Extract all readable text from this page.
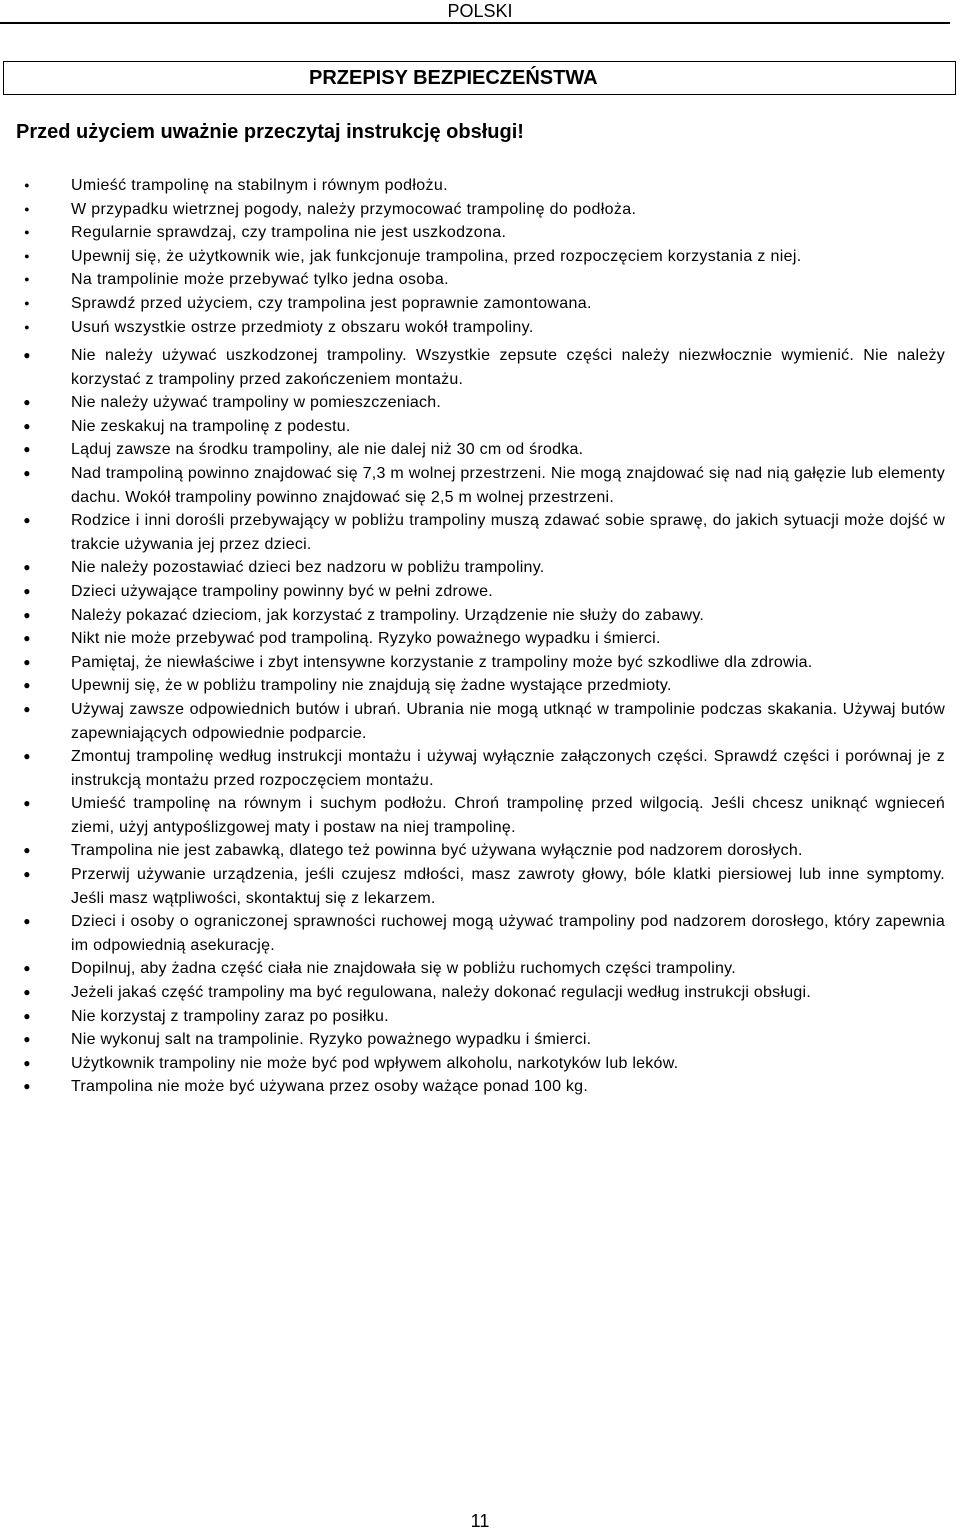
POLSKI
PRZEPISY BEZPIECZEŃSTWA
Przed użyciem uważnie przeczytaj instrukcję obsługi!
●	Umieść trampolinę na stabilnym i równym podłożu.
●	W przypadku wietrznej pogody, należy przymocować trampolinę do podłoża.
●	Regularnie sprawdzaj, czy trampolina nie jest uszkodzona.
●	Upewnij się, że użytkownik wie, jak funkcjonuje trampolina, przed rozpoczęciem korzystania z niej.
●	Na trampolinie może przebywać tylko jedna osoba.
●	Sprawdź przed użyciem, czy trampolina jest poprawnie zamontowana.
●	Usuń wszystkie ostrze przedmioty z obszaru wokół trampoliny.
●	Nie należy używać uszkodzonej trampoliny. Wszystkie zepsute części należy niezwłocznie wymienić. Nie należy korzystać z trampoliny przed zakończeniem montażu.
●	Nie należy używać trampoliny w pomieszczeniach.
●	Nie zeskakuj na trampolinę z podestu.
●	Ląduj zawsze na środku trampoliny, ale nie dalej niż 30 cm od środka.
●	Nad trampoliną powinno znajdować się 7,3 m wolnej przestrzeni. Nie mogą znajdować się nad nią gałęzie lub elementy dachu. Wokół trampoliny powinno znajdować się 2,5 m wolnej przestrzeni.
●	Rodzice i inni dorośli przebywający w pobliżu trampoliny muszą zdawać sobie sprawę, do jakich sytuacji może dojść w trakcie używania jej przez dzieci.
●	Nie należy pozostawiać dzieci bez nadzoru w pobliżu trampoliny.
●	Dzieci używające trampoliny powinny być w pełni zdrowe.
●	Należy pokazać dzieciom, jak korzystać z trampoliny. Urządzenie nie służy do zabawy.
●	Nikt nie może przebywać pod trampoliną. Ryzyko poważnego wypadku i śmierci.
●	Pamiętaj, że niewłaściwe i zbyt intensywne korzystanie z trampoliny może być szkodliwe dla zdrowia.
●	Upewnij się, że w pobliżu trampoliny nie znajdują się żadne wystające przedmioty.
●	Używaj zawsze odpowiednich butów i ubrań. Ubrania nie mogą utknąć w trampolinie podczas skakania. Używaj butów zapewniających odpowiednie podparcie.
●	Zmontuj trampolinę według instrukcji montażu i używaj wyłącznie załączonych części. Sprawdź części i porównaj je z instrukcją montażu przed rozpoczęciem montażu.
●	Umieść trampolinę na równym i suchym podłożu. Chroń trampolinę przed wilgocią. Jeśli chcesz uniknąć wgnieceń ziemi, użyj antypoślizgowej maty i postaw na niej trampolinę.
●	Trampolina nie jest zabawką, dlatego też powinna być używana wyłącznie pod nadzorem dorosłych.
●	Przerwij używanie urządzenia, jeśli czujesz mdłości, masz zawroty głowy, bóle klatki piersiowej lub inne symptomy. Jeśli masz wątpliwości, skontaktuj się z lekarzem.
●	Dzieci i osoby o ograniczonej sprawności ruchowej mogą używać trampoliny pod nadzorem dorosłego, który zapewnia im odpowiednią asekurację.
●	Dopilnuj, aby żadna część ciała nie znajdowała się w pobliżu ruchomych części trampoliny.
●	Jeżeli jakaś część trampoliny ma być regulowana, należy dokonać regulacji według instrukcji obsługi.
●	Nie korzystaj z trampoliny zaraz po posiłku.
●	Nie wykonuj salt na trampolinie. Ryzyko poważnego wypadku i śmierci.
●	Użytkownik trampoliny nie może być pod wpływem alkoholu, narkotyków lub leków.
●	Trampolina nie może być używana przez osoby ważące ponad 100 kg.
11
